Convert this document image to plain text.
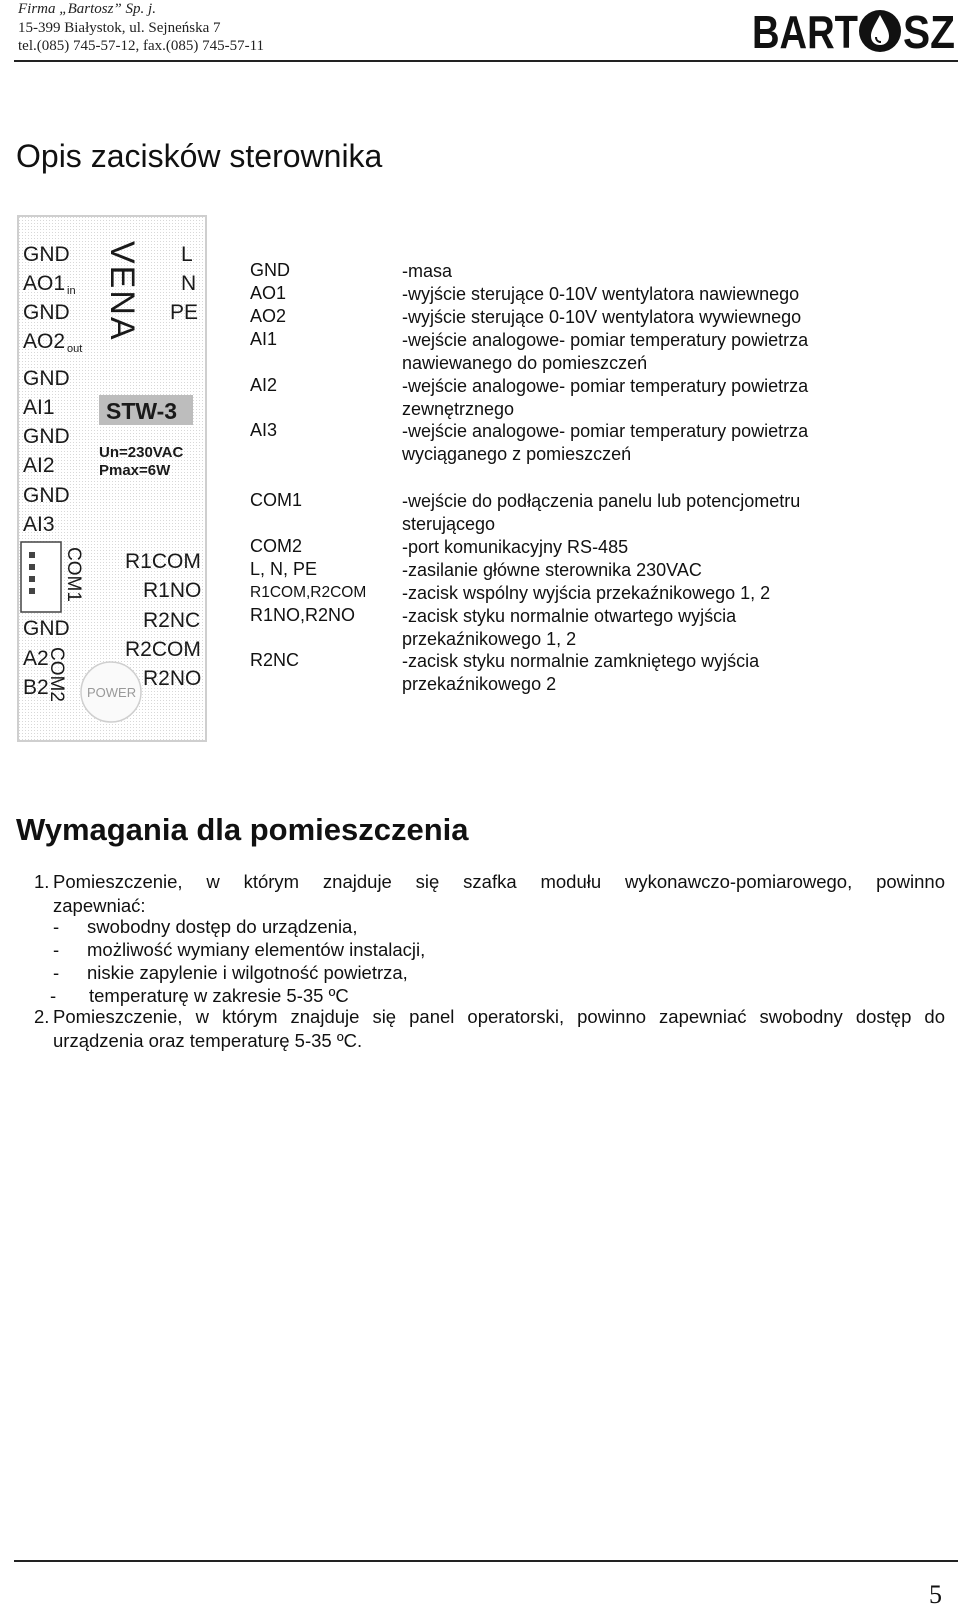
Firma „Bartosz” Sp. j.
15-399 Białystok, ul. Sejneńska 7
tel.(085) 745-57-12, fax.(085) 745-57-11	BART SZ
Opis zacisków sterownika
GND
AO1 in
GND
AO2 out
GND
AI1
GND
AI2
GND
AI3
VENA L
N
PE
STW-3
Un=230VAC
Pmax=6W
COM1 R1COM
R1NO
R2NC
R2COM
R2NO
GND
A2
B2
COM2 POWER
GND	-masa
AO1	-wyjście sterujące 0-10V wentylatora nawiewnego
AO2	-wyjście sterujące 0-10V wentylatora wywiewnego
AI1	-wejście analogowe- pomiar temperatury powietrza
nawiewanego do pomieszczeń
AI2	-wejście analogowe- pomiar temperatury powietrza
zewnętrznego
AI3	-wejście analogowe- pomiar temperatury powietrza
wyciąganego z pomieszczeń
COM1	-wejście do podłączenia panelu lub potencjometru
sterującego
COM2	-port komunikacyjny RS-485
L, N, PE	-zasilanie główne sterownika 230VAC
R1COM,R2COM -zacisk wspólny wyjścia przekaźnikowego 1, 2
R1NO,R2NO	-zacisk styku normalnie otwartego wyjścia
przekaźnikowego 1, 2
R2NC	-zacisk styku normalnie zamkniętego wyjścia
przekaźnikowego 2
Wymagania dla pomieszczenia
1. Pomieszczenie, w którym znajduje się szafka modułu wykonawczo-pomiarowego, powinno
zapewniać:
- swobodny dostęp do urządzenia,
- możliwość wymiany elementów instalacji,
- niskie zapylenie i wilgotność powietrza,
- temperaturę w zakresie 5-35 ºC
2. Pomieszczenie, w którym znajduje się panel operatorski, powinno zapewniać swobodny dostęp do
urządzenia oraz temperaturę 5-35 ºC.
5
